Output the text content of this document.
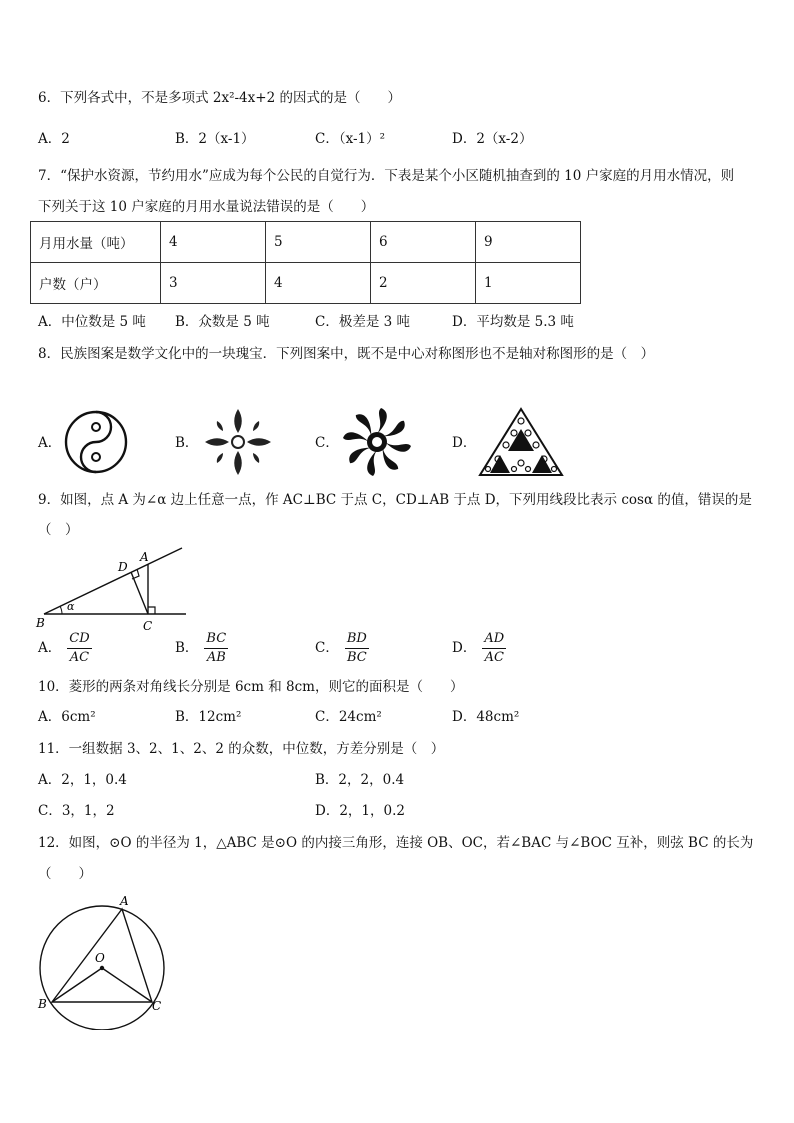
6．下列各式中，不是多项式 2x²-4x+2 的因式的是（　　）
A．2	B．2（x-1）	C．（x-1）²	D．2（x-2）
7．“保护水资源，节约用水”应成为每个公民的自觉行为．下表是某个小区随机抽查到的 10 户家庭的月用水情况，则
下列关于这 10 户家庭的月用水量说法错误的是（　　）
月用水量（吨）	4	5	6	9
户数（户）	3	4	2	1
A．中位数是 5 吨 B．众数是 5 吨	C．极差是 3 吨	D．平均数是 5.3 吨
8．民族图案是数学文化中的一块瑰宝．下列图案中，既不是中心对称图形也不是轴对称图形的是（　）
A．	B．	C．	D．
9．如图，点 A 为∠α 边上任意一点，作 AC⊥BC 于点 C，CD⊥AB 于点 D，下列用线段比表示 cosα 的值，错误的是
（　）
A
D
α
B	C
A． $\frac{CD}{AC}$	B． $\frac{BC}{AB}$	C． $\frac{BD}{BC}$	D． $\frac{AD}{AC}$
10．菱形的两条对角线长分别是 6cm 和 8cm，则它的面积是（　　）
A．6cm²	B．12cm²	C．24cm²	D．48cm²
11．一组数据 3、2、1、2、2 的众数，中位数，方差分别是（　）
A．2，1，0.4	B．2，2，0.4
C．3，1，2	D．2，1，0.2
12．如图，⊙O 的半径为 1，△ABC 是⊙O 的内接三角形，连接 OB、OC，若∠BAC 与∠BOC 互补，则弦 BC 的长为
（　　）
A
O
B	C
